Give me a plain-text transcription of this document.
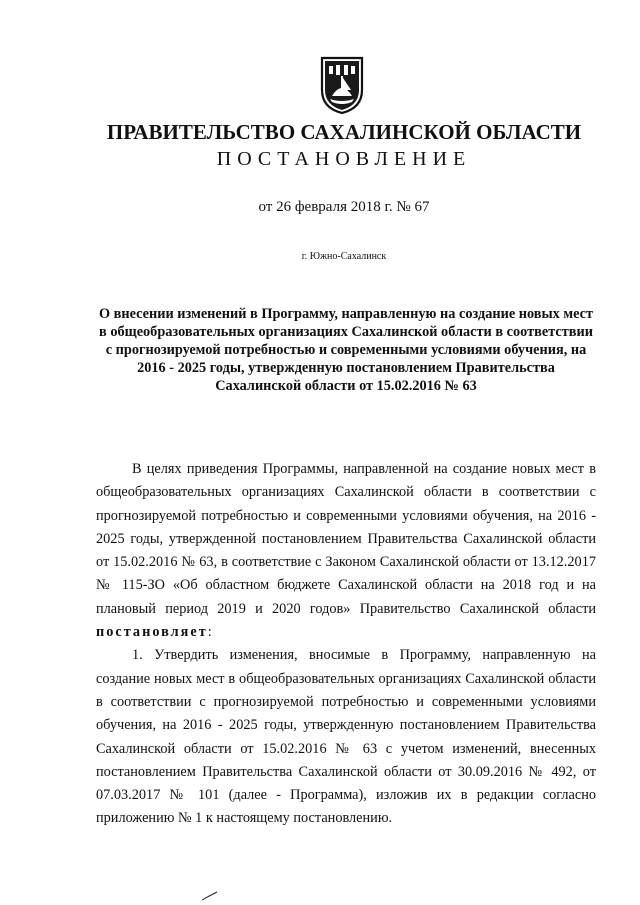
ПРАВИТЕЛЬСТВО САХАЛИНСКОЙ ОБЛАСТИ
ПОСТАНОВЛЕНИЕ
от 26 февраля 2018 г. № 67
г. Южно-Сахалинск
О внесении изменений в Программу, направленную на создание новых мест в общеобразовательных организациях Сахалинской области в соответствии с прогнозируемой потребностью и современными условиями обучения, на 2016 - 2025 годы, утвержденную постановлением Правительства Сахалинской области от 15.02.2016 № 63

В целях приведения Программы, направленной на создание новых мест в общеобразовательных организациях Сахалинской области в соответствии с прогнозируемой потребностью и современными условиями обучения, на 2016 - 2025 годы, утвержденной постановлением Правительства Сахалинской области от 15.02.2016 № 63, в соответствие с Законом Сахалинской области от 13.12.2017 № 115-ЗО «Об областном бюджете Сахалинской области на 2018 год и на плановый период 2019 и 2020 годов» Правительство Сахалинской области постановляет:

1. Утвердить изменения, вносимые в Программу, направленную на создание новых мест в общеобразовательных организациях Сахалинской области в соответствии с прогнозируемой потребностью и современными условиями обучения, на 2016 - 2025 годы, утвержденную постановлением Правительства Сахалинской области от 15.02.2016 № 63 с учетом изменений, внесенных постановлением Правительства Сахалинской области от 30.09.2016 № 492, от 07.03.2017 № 101 (далее - Программа), изложив их в редакции согласно приложению № 1 к настоящему постановлению.
